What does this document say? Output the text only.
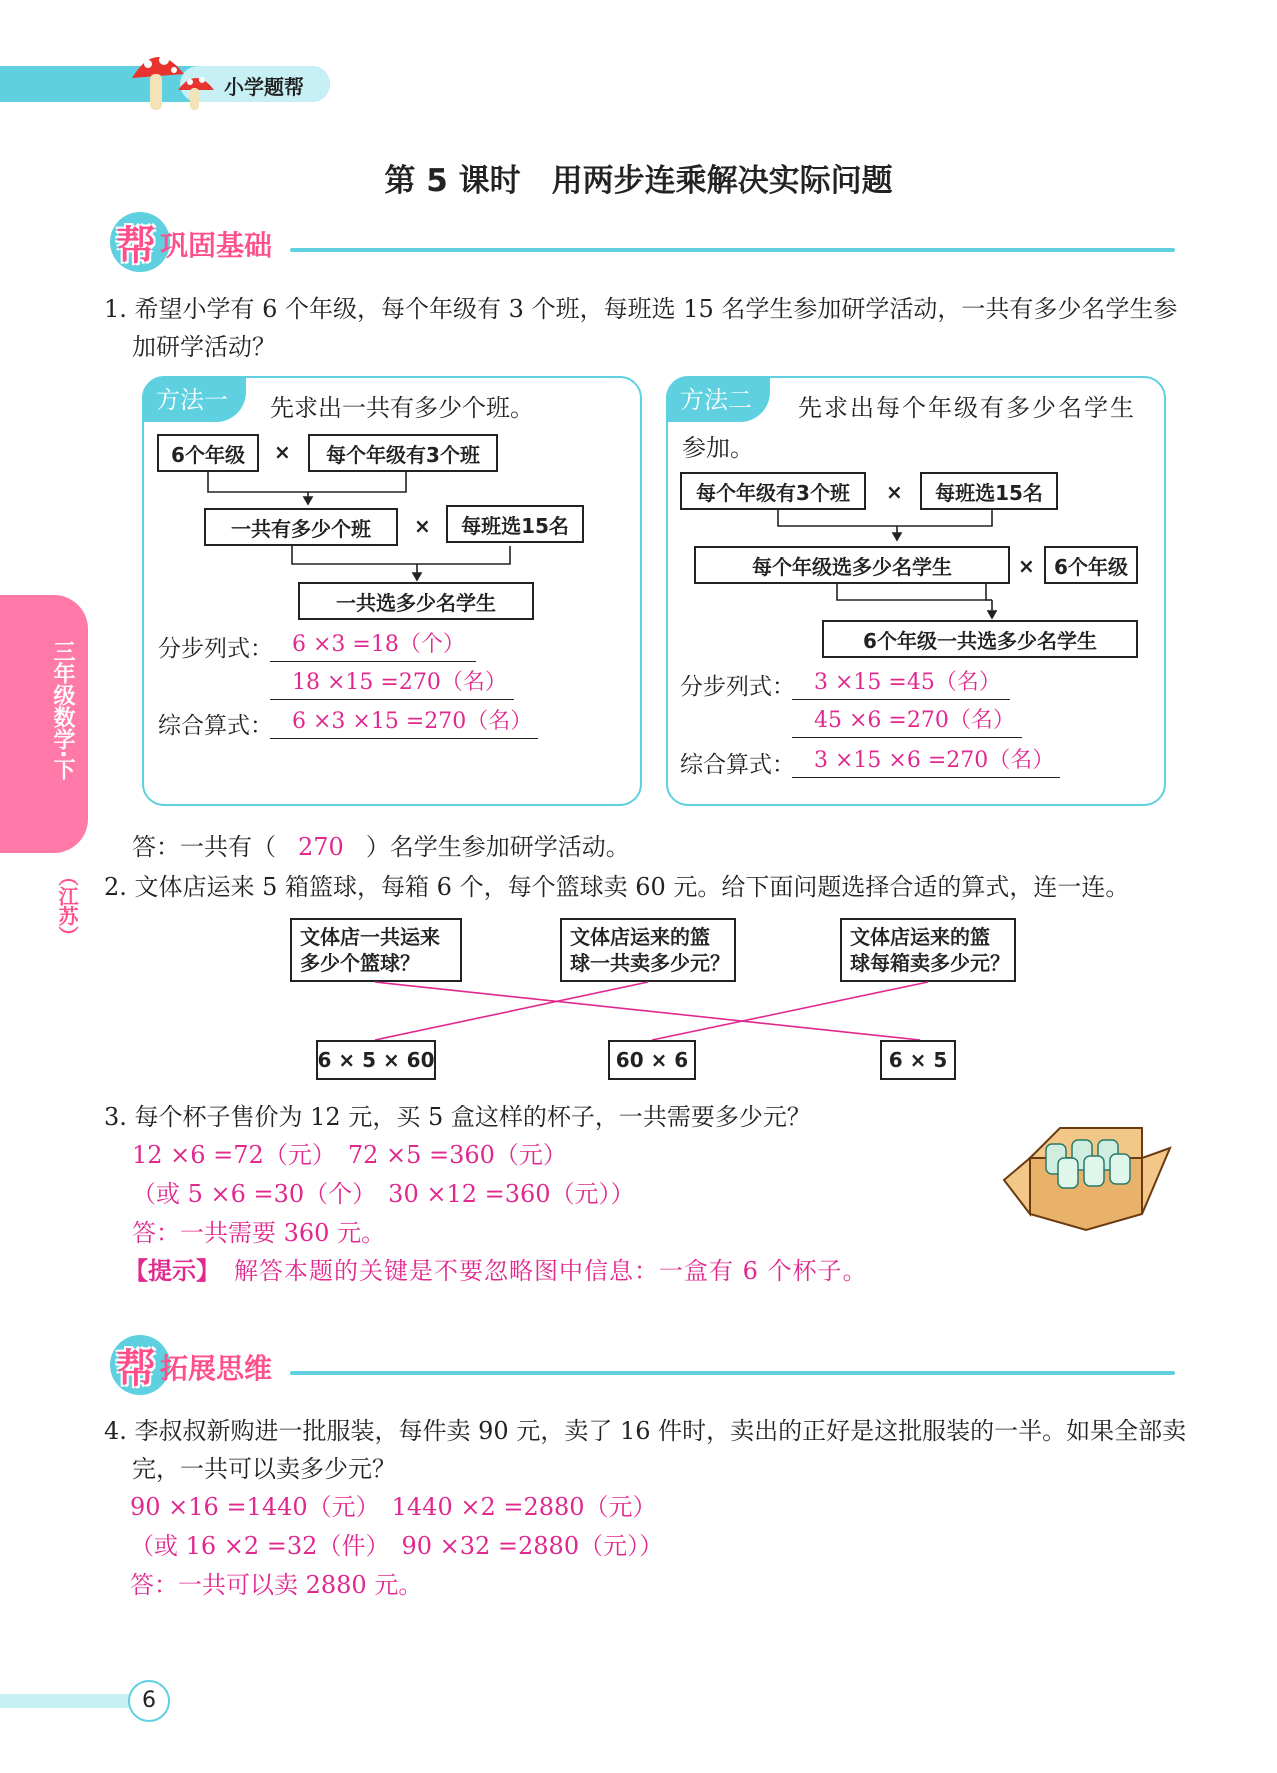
小学题帮
第 5 课时　用两步连乘解决实际问题
帮 巩固基础
三年级数学·下
（江苏）
1. 希望小学有 6 个年级，每个年级有 3 个班，每班选 15 名学生参加研学活动，一共有多少名学生参
加研学活动？
方法一	先求出一共有多少个班。
6个年级	×	每个年级有3个班
一共有多少个班	×	每班选15名
一共选多少名学生
分步列式： 6 ×3 =18（个）
18 ×15 =270（名）
综合算式： 6 ×3 ×15 =270（名）
方法二	先求出每个年级有多少名学生
参加。
每个年级有3个班	×	每班选15名
每个年级选多少名学生	× 6个年级
6个年级一共选多少名学生
分步列式： 3 ×15 =45（名）
45 ×6 =270（名）
综合算式： 3 ×15 ×6 =270（名）
答：一共有（ 270 ）名学生参加研学活动。
2. 文体店运来 5 箱篮球，每箱 6 个，每个篮球卖 60 元。给下面问题选择合适的算式，连一连。
文体店一共运来
多少个篮球？
文体店运来的篮
球一共卖多少元？
文体店运来的篮
球每箱卖多少元？
6 × 5 × 60	60 × 6	6 × 5
3. 每个杯子售价为 12 元，买 5 盒这样的杯子，一共需要多少元？
12 ×6 =72（元）　72 ×5 =360（元）
（或 5 ×6 =30（个）　30 ×12 =360（元））
答：一共需要 360 元。
【提示】 解答本题的关键是不要忽略图中信息：一盒有 6 个杯子。
帮 拓展思维
4. 李叔叔新购进一批服装，每件卖 90 元，卖了 16 件时，卖出的正好是这批服装的一半。如果全部卖
完，一共可以卖多少元？
90 ×16 =1440（元）　1440 ×2 =2880（元）
（或 16 ×2 =32（件）　90 ×32 =2880（元））
答：一共可以卖 2880 元。
6
